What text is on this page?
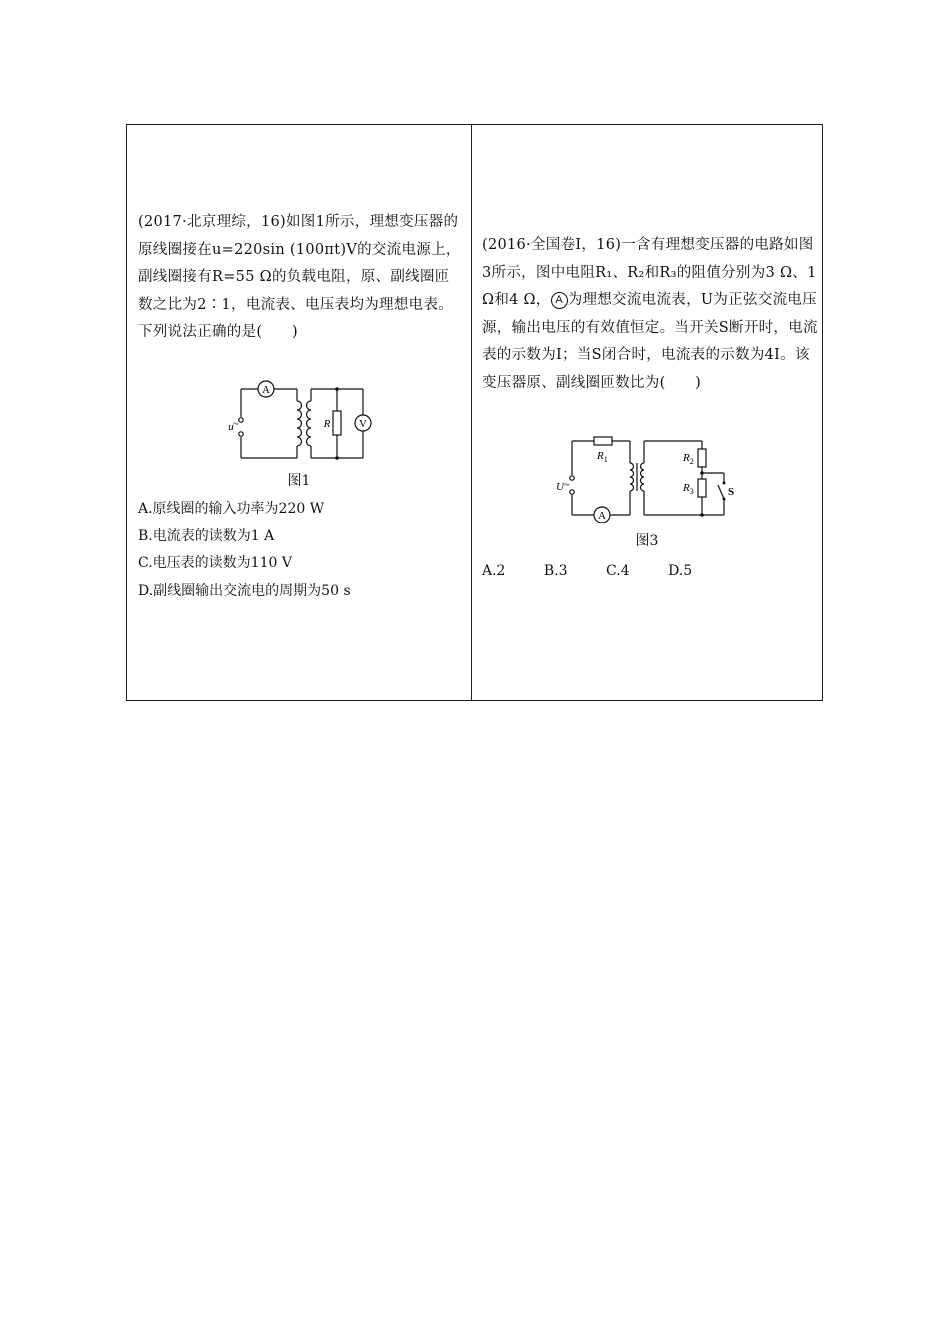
(2017·北京理综，16)如图1所示，理想变压器的原线圈接在u=220sin (100πt)V的交流电源上，副线圈接有R=55 Ω的负载电阻，原、副线圈匝数之比为2∶1，电流表、电压表均为理想电表。下列说法正确的是(　　)
A
V
R
u ~
图1
A.原线圈的输入功率为220 W
B.电流表的读数为1 A
C.电压表的读数为110 V
D.副线圈输出交流电的周期为50 s
(2016·全国卷Ⅰ，16)一含有理想变压器的电路如图3所示，图中电阻R₁、R₂和R₃的阻值分别为3 Ω、1 Ω和4 Ω， A 为理想交流电流表，U为正弦交流电压源，输出电压的有效值恒定。当开关S断开时，电流表的示数为I；当S闭合时，电流表的示数为4I。该变压器原、副线圈匝数比为(　　)
A
$R_1$	$R_2$
$R_3$	S
U ~
图3
A.2	B.3	C.4	D.5
